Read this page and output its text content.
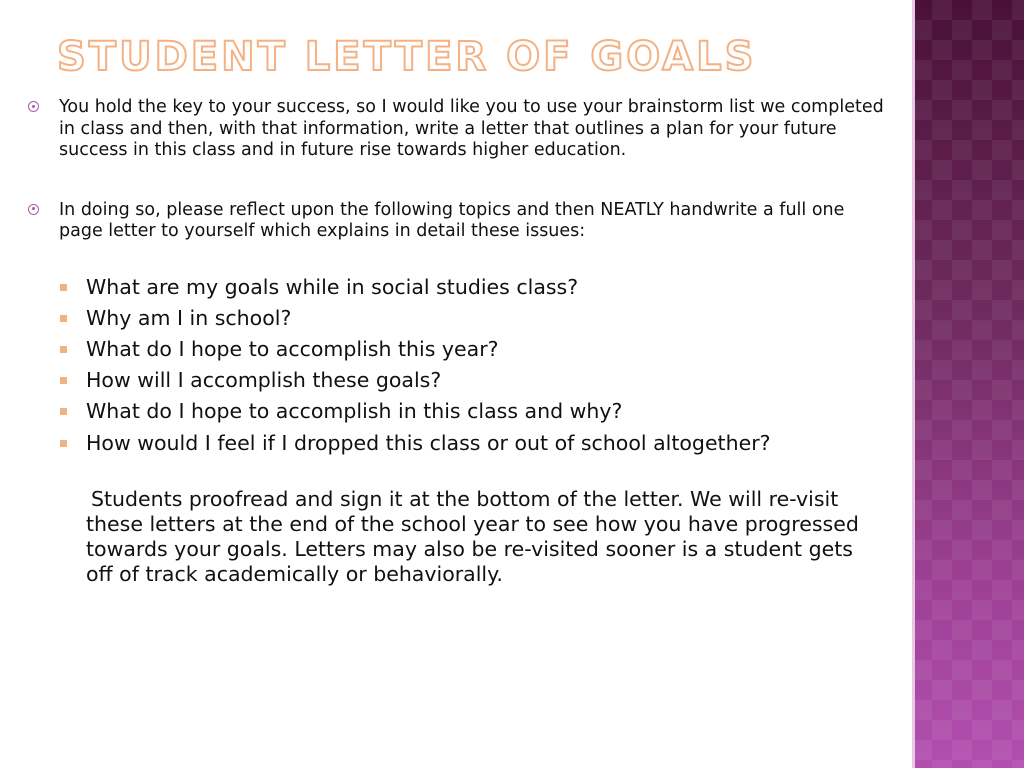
STUDENT LETTER OF GOALS

You hold the key to your success, so I would like you to use your brainstorm list we completed in class and then, with that information, write a letter that outlines a plan for your future success in this class and in future rise towards higher education.

In doing so, please reflect upon the following topics and then NEATLY handwrite a full one page letter to yourself which explains in detail these issues:

What are my goals while in social studies class?
Why am I in school?
What do I hope to accomplish this year?
How will I accomplish these goals?
What do I hope to accomplish in this class and why?
How would I feel if I dropped this class or out of school altogether?

Students proofread and sign it at the bottom of the letter. We will re-visit these letters at the end of the school year to see how you have progressed towards your goals. Letters may also be re-visited sooner is a student gets off of track academically or behaviorally.
